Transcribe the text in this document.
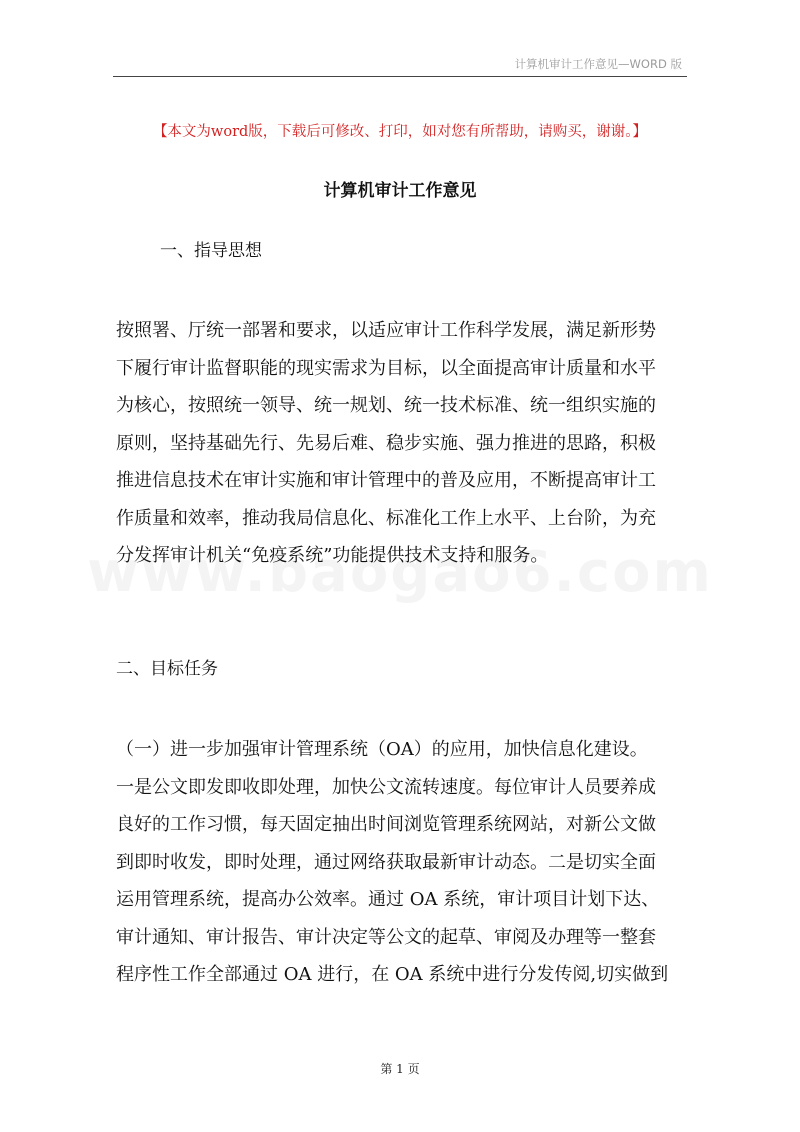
计算机审计工作意见—WORD 版
【本文为word版，下载后可修改、打印，如对您有所帮助，请购买，谢谢。】
计算机审计工作意见
一、指导思想
按照署、厅统一部署和要求，以适应审计工作科学发展，满足新形势
下履行审计监督职能的现实需求为目标，以全面提高审计质量和水平
为核心，按照统一领导、统一规划、统一技术标准、统一组织实施的
原则，坚持基础先行、先易后难、稳步实施、强力推进的思路，积极
推进信息技术在审计实施和审计管理中的普及应用，不断提高审计工
作质量和效率，推动我局信息化、标准化工作上水平、上台阶，为充
分发挥审计机关“免疫系统”功能提供技术支持和服务。
二、目标任务
（一）进一步加强审计管理系统（OA）的应用，加快信息化建设。
一是公文即发即收即处理，加快公文流转速度。每位审计人员要养成
良好的工作习惯，每天固定抽出时间浏览管理系统网站，对新公文做
到即时收发，即时处理，通过网络获取最新审计动态。二是切实全面
运用管理系统，提高办公效率。通过 OA 系统，审计项目计划下达、
审计通知、审计报告、审计决定等公文的起草、审阅及办理等一整套
程序性工作全部通过 OA 进行，在 OA 系统中进行分发传阅,切实做到
第 1 页
